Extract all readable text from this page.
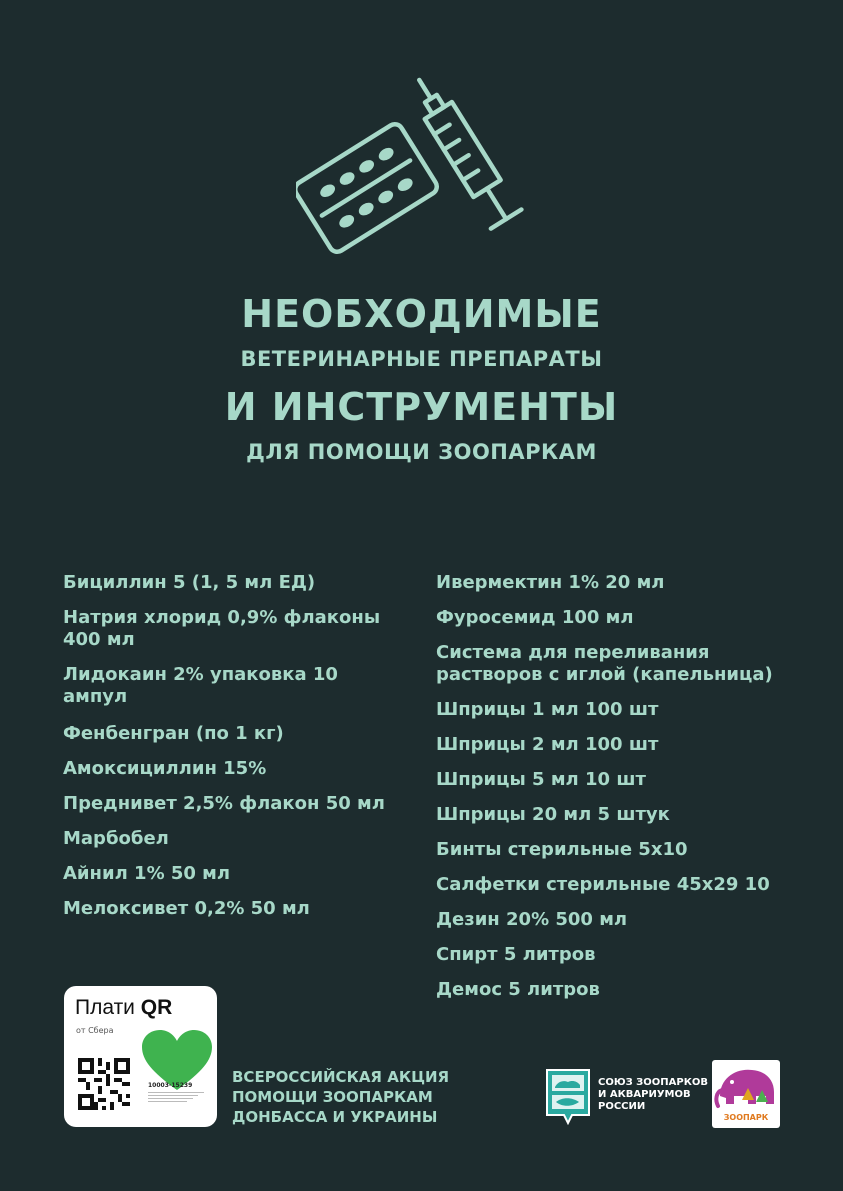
НЕОБХОДИМЫЕ
ВЕТЕРИНАРНЫЕ ПРЕПАРАТЫ
И ИНСТРУМЕНТЫ
ДЛЯ ПОМОЩИ ЗООПАРКАМ
Бициллин 5 (1, 5 мл ЕД)
Натрия хлорид 0,9% флаконы 400 мл
Лидокаин 2% упаковка 10 ампул
Фенбенгран (по 1 кг)
Амоксициллин 15%
Преднивет 2,5% флакон 50 мл
Марбобел
Айнил 1% 50 мл
Мелоксивет 0,2% 50 мл
Ивермектин 1% 20 мл
Фуросемид 100 мл
Система для переливания растворов с иглой (капельница)
Шприцы 1 мл 100 шт
Шприцы 2 мл 100 шт
Шприцы 5 мл 10 шт
Шприцы 20 мл 5 штук
Бинты стерильные 5х10
Салфетки стерильные 45х29 10
Дезин 20% 500 мл
Спирт 5 литров
Демос 5 литров
Плати QR
от Сбера
10003-15239	ВСЕРОССИЙСКАЯ АКЦИЯ
ПОМОЩИ ЗООПАРКАМ
ДОНБАССА И УКРАИНЫ
СОЮЗ ЗООПАРКОВ
И АКВАРИУМОВ
РОССИИ
ЗООПАРК
